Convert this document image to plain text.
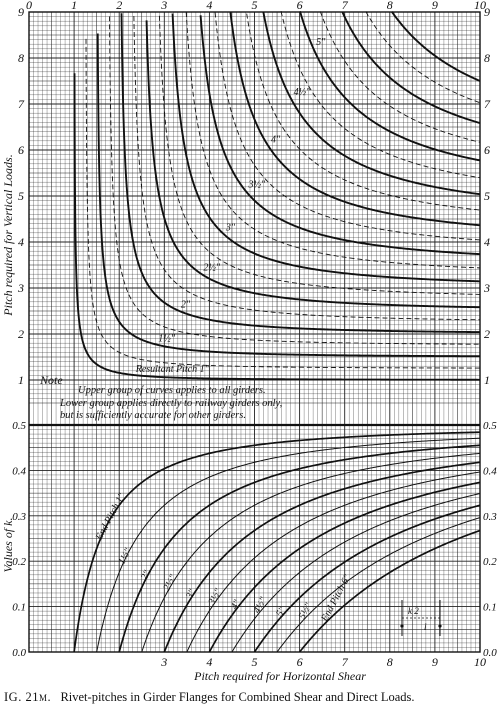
0	1	2	3	4	5	6	7	8	9	10
1	1
2	2
3	3
4	4
5	5
6	6
7	7
8	8
9	9
0.0	0.0
0.1	0.1
0.2	0.2
0.3	0.3
0.4	0.4
0.5	0.5
3	4	5	6	7	8	9	10
Resultant Pitch 1"
1½"
2"
2½"
3"
3½"
4"
4½"
5"
End Pitch 1"
1½"
2" 2½"
3" 3½" 4" 4½" 5" 5½" End Pitch 6"
Pitch required for Vertical Loads.
Values of k.
Pitch required for Horizontal Shear
Note
Upper group of curves applies to all girders.
Lower group applies directly to railway girders only,
but is sufficiently accurate for other girders.
k 2
l
IG. 21m. Rivet-pitches in Girder Flanges for Combined Shear and Direct Loads.
